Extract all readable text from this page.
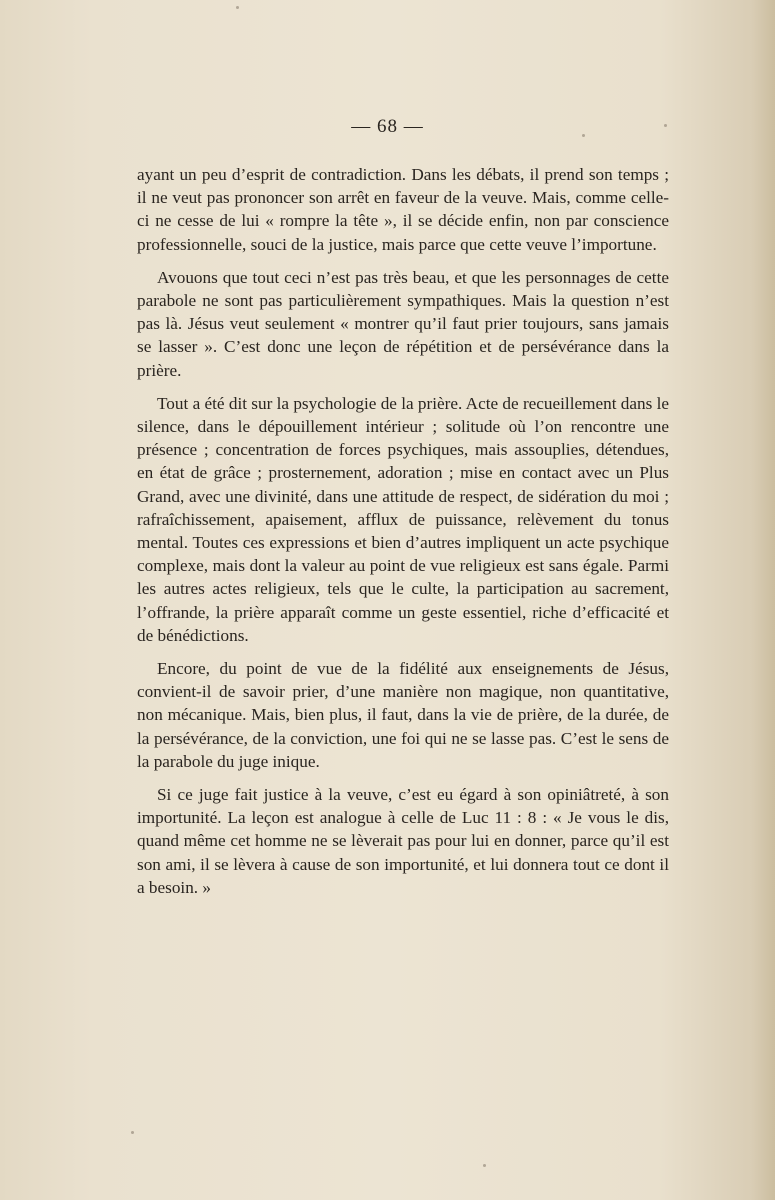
— 68 —

ayant un peu d’esprit de contradiction. Dans les débats, il prend son temps ; il ne veut pas prononcer son arrêt en faveur de la veuve. Mais, comme celle-ci ne cesse de lui « rompre la tête », il se décide enfin, non par conscience professionnelle, souci de la justice, mais parce que cette veuve l’importune.

Avouons que tout ceci n’est pas très beau, et que les personnages de cette parabole ne sont pas particulièrement sympathiques. Mais la question n’est pas là. Jésus veut seulement « montrer qu’il faut prier toujours, sans jamais se lasser ». C’est donc une leçon de répétition et de persévérance dans la prière.

Tout a été dit sur la psychologie de la prière. Acte de recueillement dans le silence, dans le dépouillement intérieur ; solitude où l’on rencontre une présence ; concentration de forces psychiques, mais assouplies, détendues, en état de grâce ; prosternement, adoration ; mise en contact avec un Plus Grand, avec une divinité, dans une attitude de respect, de sidération du moi ; rafraîchissement, apaisement, afflux de puissance, relèvement du tonus mental. Toutes ces expressions et bien d’autres impliquent un acte psychique complexe, mais dont la valeur au point de vue religieux est sans égale. Parmi les autres actes religieux, tels que le culte, la participation au sacrement, l’offrande, la prière apparaît comme un geste essentiel, riche d’efficacité et de bénédictions.

Encore, du point de vue de la fidélité aux enseignements de Jésus, convient-il de savoir prier, d’une manière non magique, non quantitative, non mécanique. Mais, bien plus, il faut, dans la vie de prière, de la durée, de la persévérance, de la conviction, une foi qui ne se lasse pas. C’est le sens de la parabole du juge inique.

Si ce juge fait justice à la veuve, c’est eu égard à son opiniâtreté, à son importunité. La leçon est analogue à celle de Luc 11 : 8 : « Je vous le dis, quand même cet homme ne se lèverait pas pour lui en donner, parce qu’il est son ami, il se lèvera à cause de son importunité, et lui donnera tout ce dont il a besoin. »
